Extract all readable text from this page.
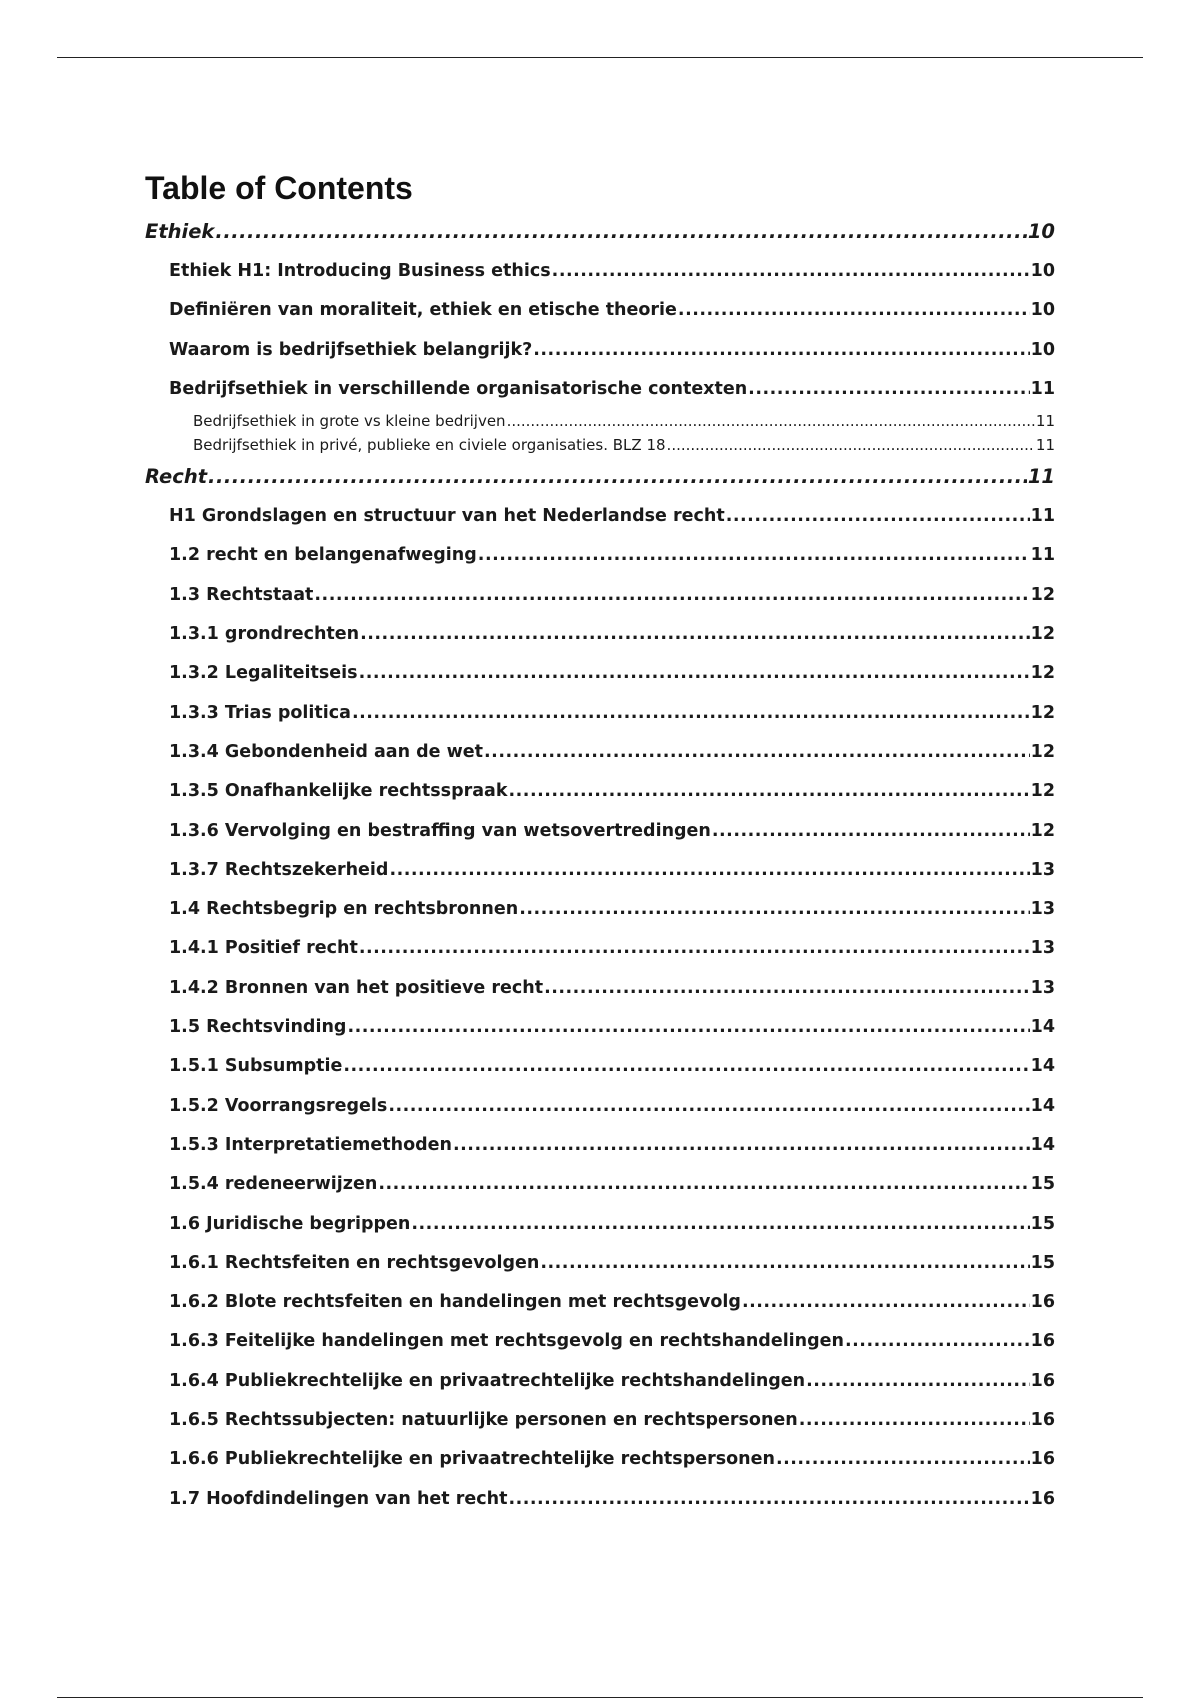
Table of Contents
Ethiek .....	10
Ethiek H1: Introducing Business ethics .....	10
Definiëren van moraliteit, ethiek en etische theorie .....	10
Waarom is bedrijfsethiek belangrijk? .....	10
Bedrijfsethiek in verschillende organisatorische contexten .....	11
Bedrijfsethiek in grote vs kleine bedrijven .....	11
Bedrijfsethiek in privé, publieke en civiele organisaties. BLZ 18 .....	11
Recht .....	11
H1 Grondslagen en structuur van het Nederlandse recht .....	11
1.2 recht en belangenafweging .....	11
1.3 Rechtstaat .....	12
1.3.1 grondrechten .....	12
1.3.2 Legaliteitseis .....	12
1.3.3 Trias politica .....	12
1.3.4 Gebondenheid aan de wet .....	12
1.3.5 Onafhankelijke rechtsspraak .....	12
1.3.6 Vervolging en bestraffing van wetsovertredingen .....	12
1.3.7 Rechtszekerheid .....	13
1.4 Rechtsbegrip en rechtsbronnen .....	13
1.4.1 Positief recht .....	13
1.4.2 Bronnen van het positieve recht .....	13
1.5 Rechtsvinding .....	14
1.5.1 Subsumptie .....	14
1.5.2 Voorrangsregels .....	14
1.5.3 Interpretatiemethoden .....	14
1.5.4 redeneerwijzen .....	15
1.6 Juridische begrippen .....	15
1.6.1 Rechtsfeiten en rechtsgevolgen .....	15
1.6.2 Blote rechtsfeiten en handelingen met rechtsgevolg .....	16
1.6.3 Feitelijke handelingen met rechtsgevolg en rechtshandelingen .....	16
1.6.4 Publiekrechtelijke en privaatrechtelijke rechtshandelingen .....	16
1.6.5 Rechtssubjecten: natuurlijke personen en rechtspersonen .....	16
1.6.6 Publiekrechtelijke en privaatrechtelijke rechtspersonen .....	16
1.7 Hoofdindelingen van het recht .....	16
